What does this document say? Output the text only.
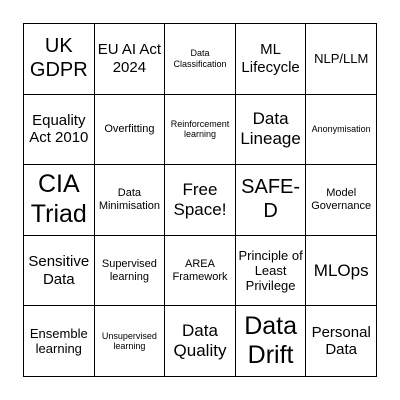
UK GDPR
EU AI Act 2024
Data Classification
ML Lifecycle
NLP/LLM
Equality Act 2010
Overfitting	Reinforcement learning
Data Lineage
Anonymisation
CIA Triad
Data Minimisation
Free Space!
SAFE-D
Model Governance
Sensitive Data
Supervised learning
AREA Framework
Principle of Least Privilege
MLOps
Ensemble learning
Unsupervised learning
Data Quality
Data Drift
Personal Data
